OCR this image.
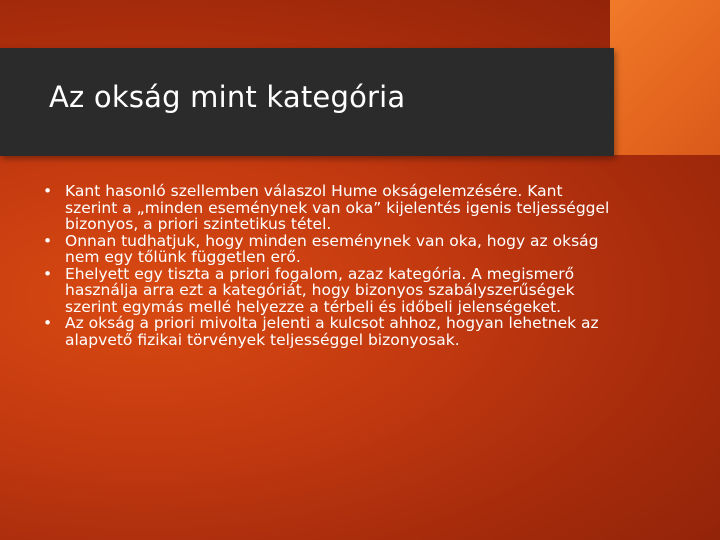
Az okság mint kategória
• Kant hasonló szellemben válaszol Hume okságelemzésére. Kant szerint a „minden eseménynek van oka” kijelentés igenis teljességgel bizonyos, a priori szintetikus tétel.
• Onnan tudhatjuk, hogy minden eseménynek van oka, hogy az okság nem egy tőlünk független erő.
• Ehelyett egy tiszta a priori fogalom, azaz kategória. A megismerő használja arra ezt a kategóriát, hogy bizonyos szabályszerűségek szerint egymás mellé helyezze a térbeli és időbeli jelenségeket.
• Az okság a priori mivolta jelenti a kulcsot ahhoz, hogyan lehetnek az alapvető fizikai törvények teljességgel bizonyosak.
